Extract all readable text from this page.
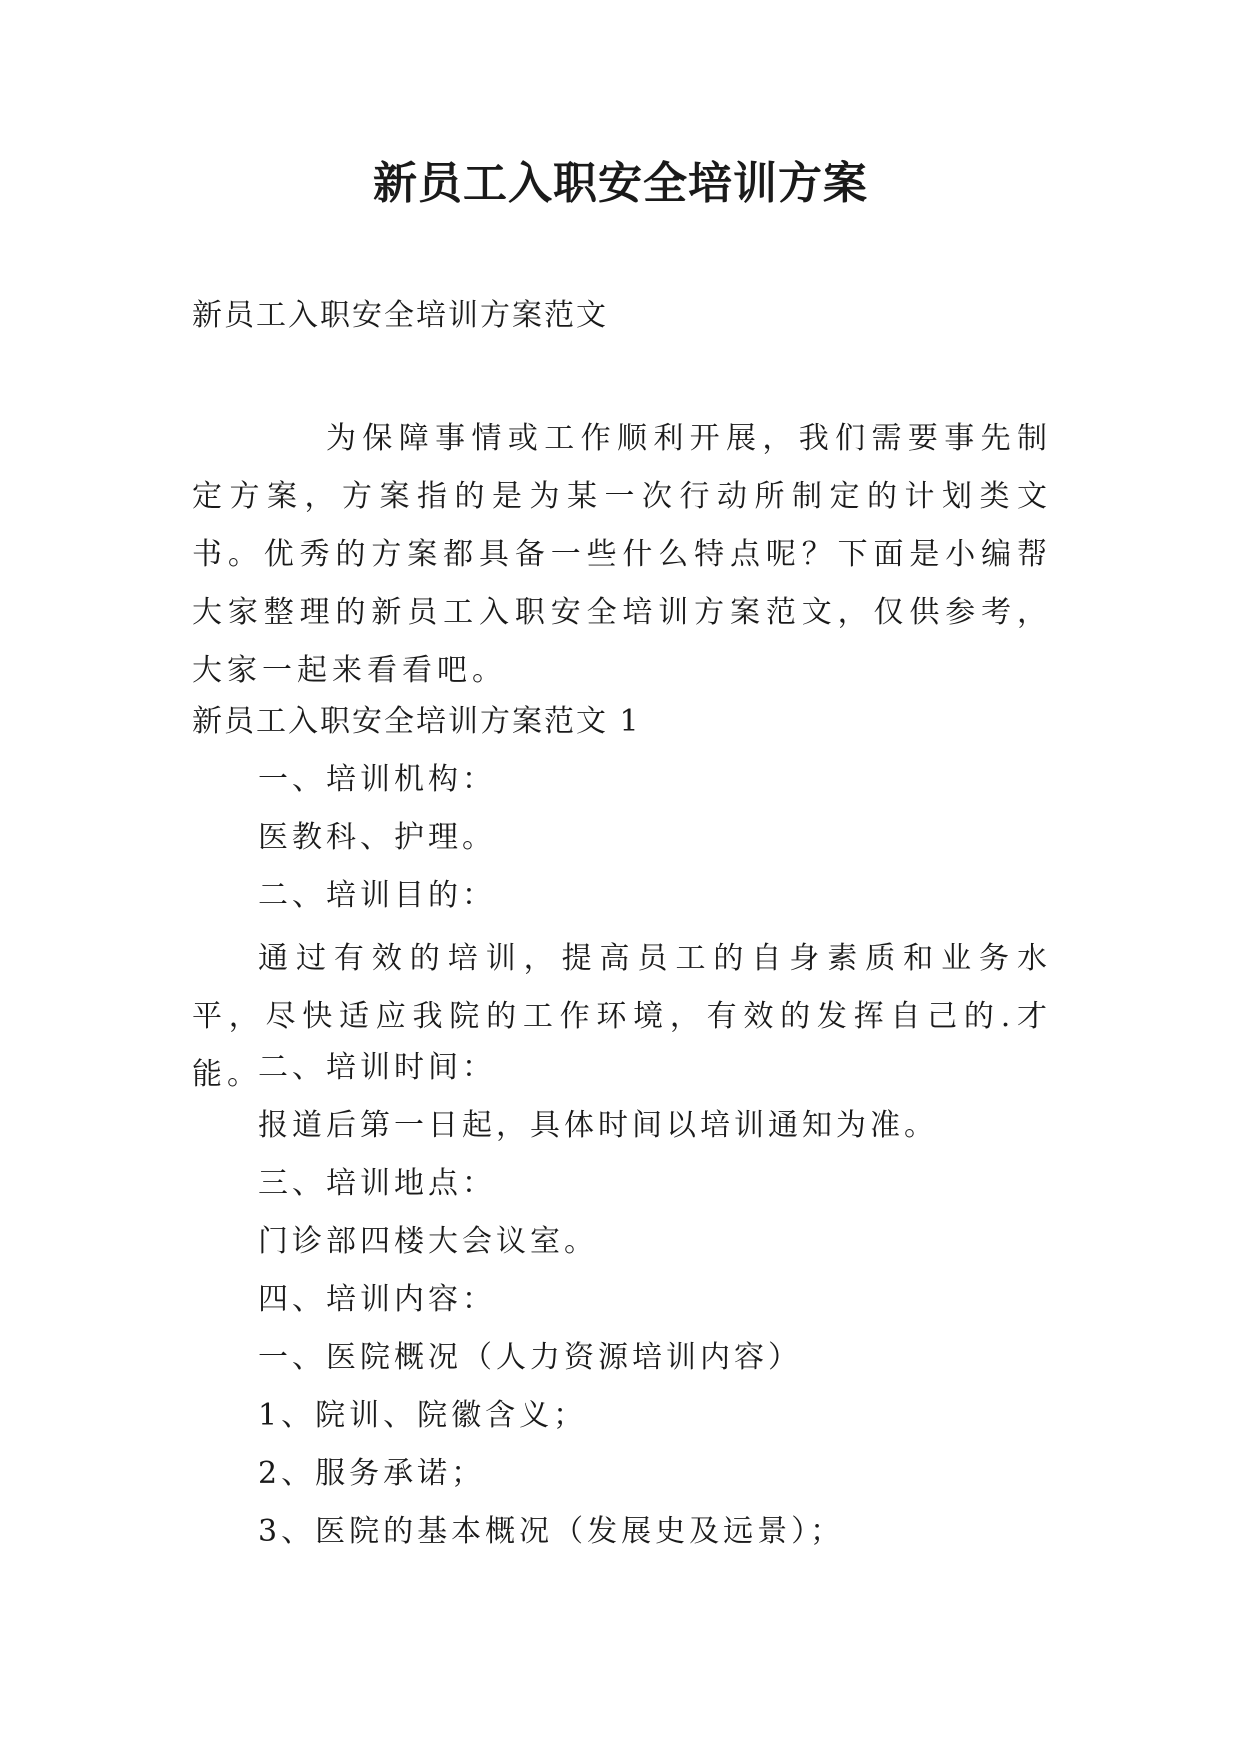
新员工入职安全培训方案
新员工入职安全培训方案范文

为保障事情或工作顺利开展，我们需要事先制定方案，方案指的是为某一次行动所制定的计划类文书。优秀的方案都具备一些什么特点呢？下面是小编帮大家整理的新员工入职安全培训方案范文，仅供参考，大家一起来看看吧。

新员工入职安全培训方案范文 1
一、培训机构：
医教科、护理。
二、培训目的：

通过有效的培训，提高员工的自身素质和业务水平，尽快适应我院的工作环境，有效的发挥自己的.才能。

二、培训时间：
报道后第一日起，具体时间以培训通知为准。
三、培训地点：
门诊部四楼大会议室。
四、培训内容：
一、医院概况（人力资源培训内容）
1、院训、院徽含义；
2、服务承诺；
3、医院的基本概况（发展史及远景）；
